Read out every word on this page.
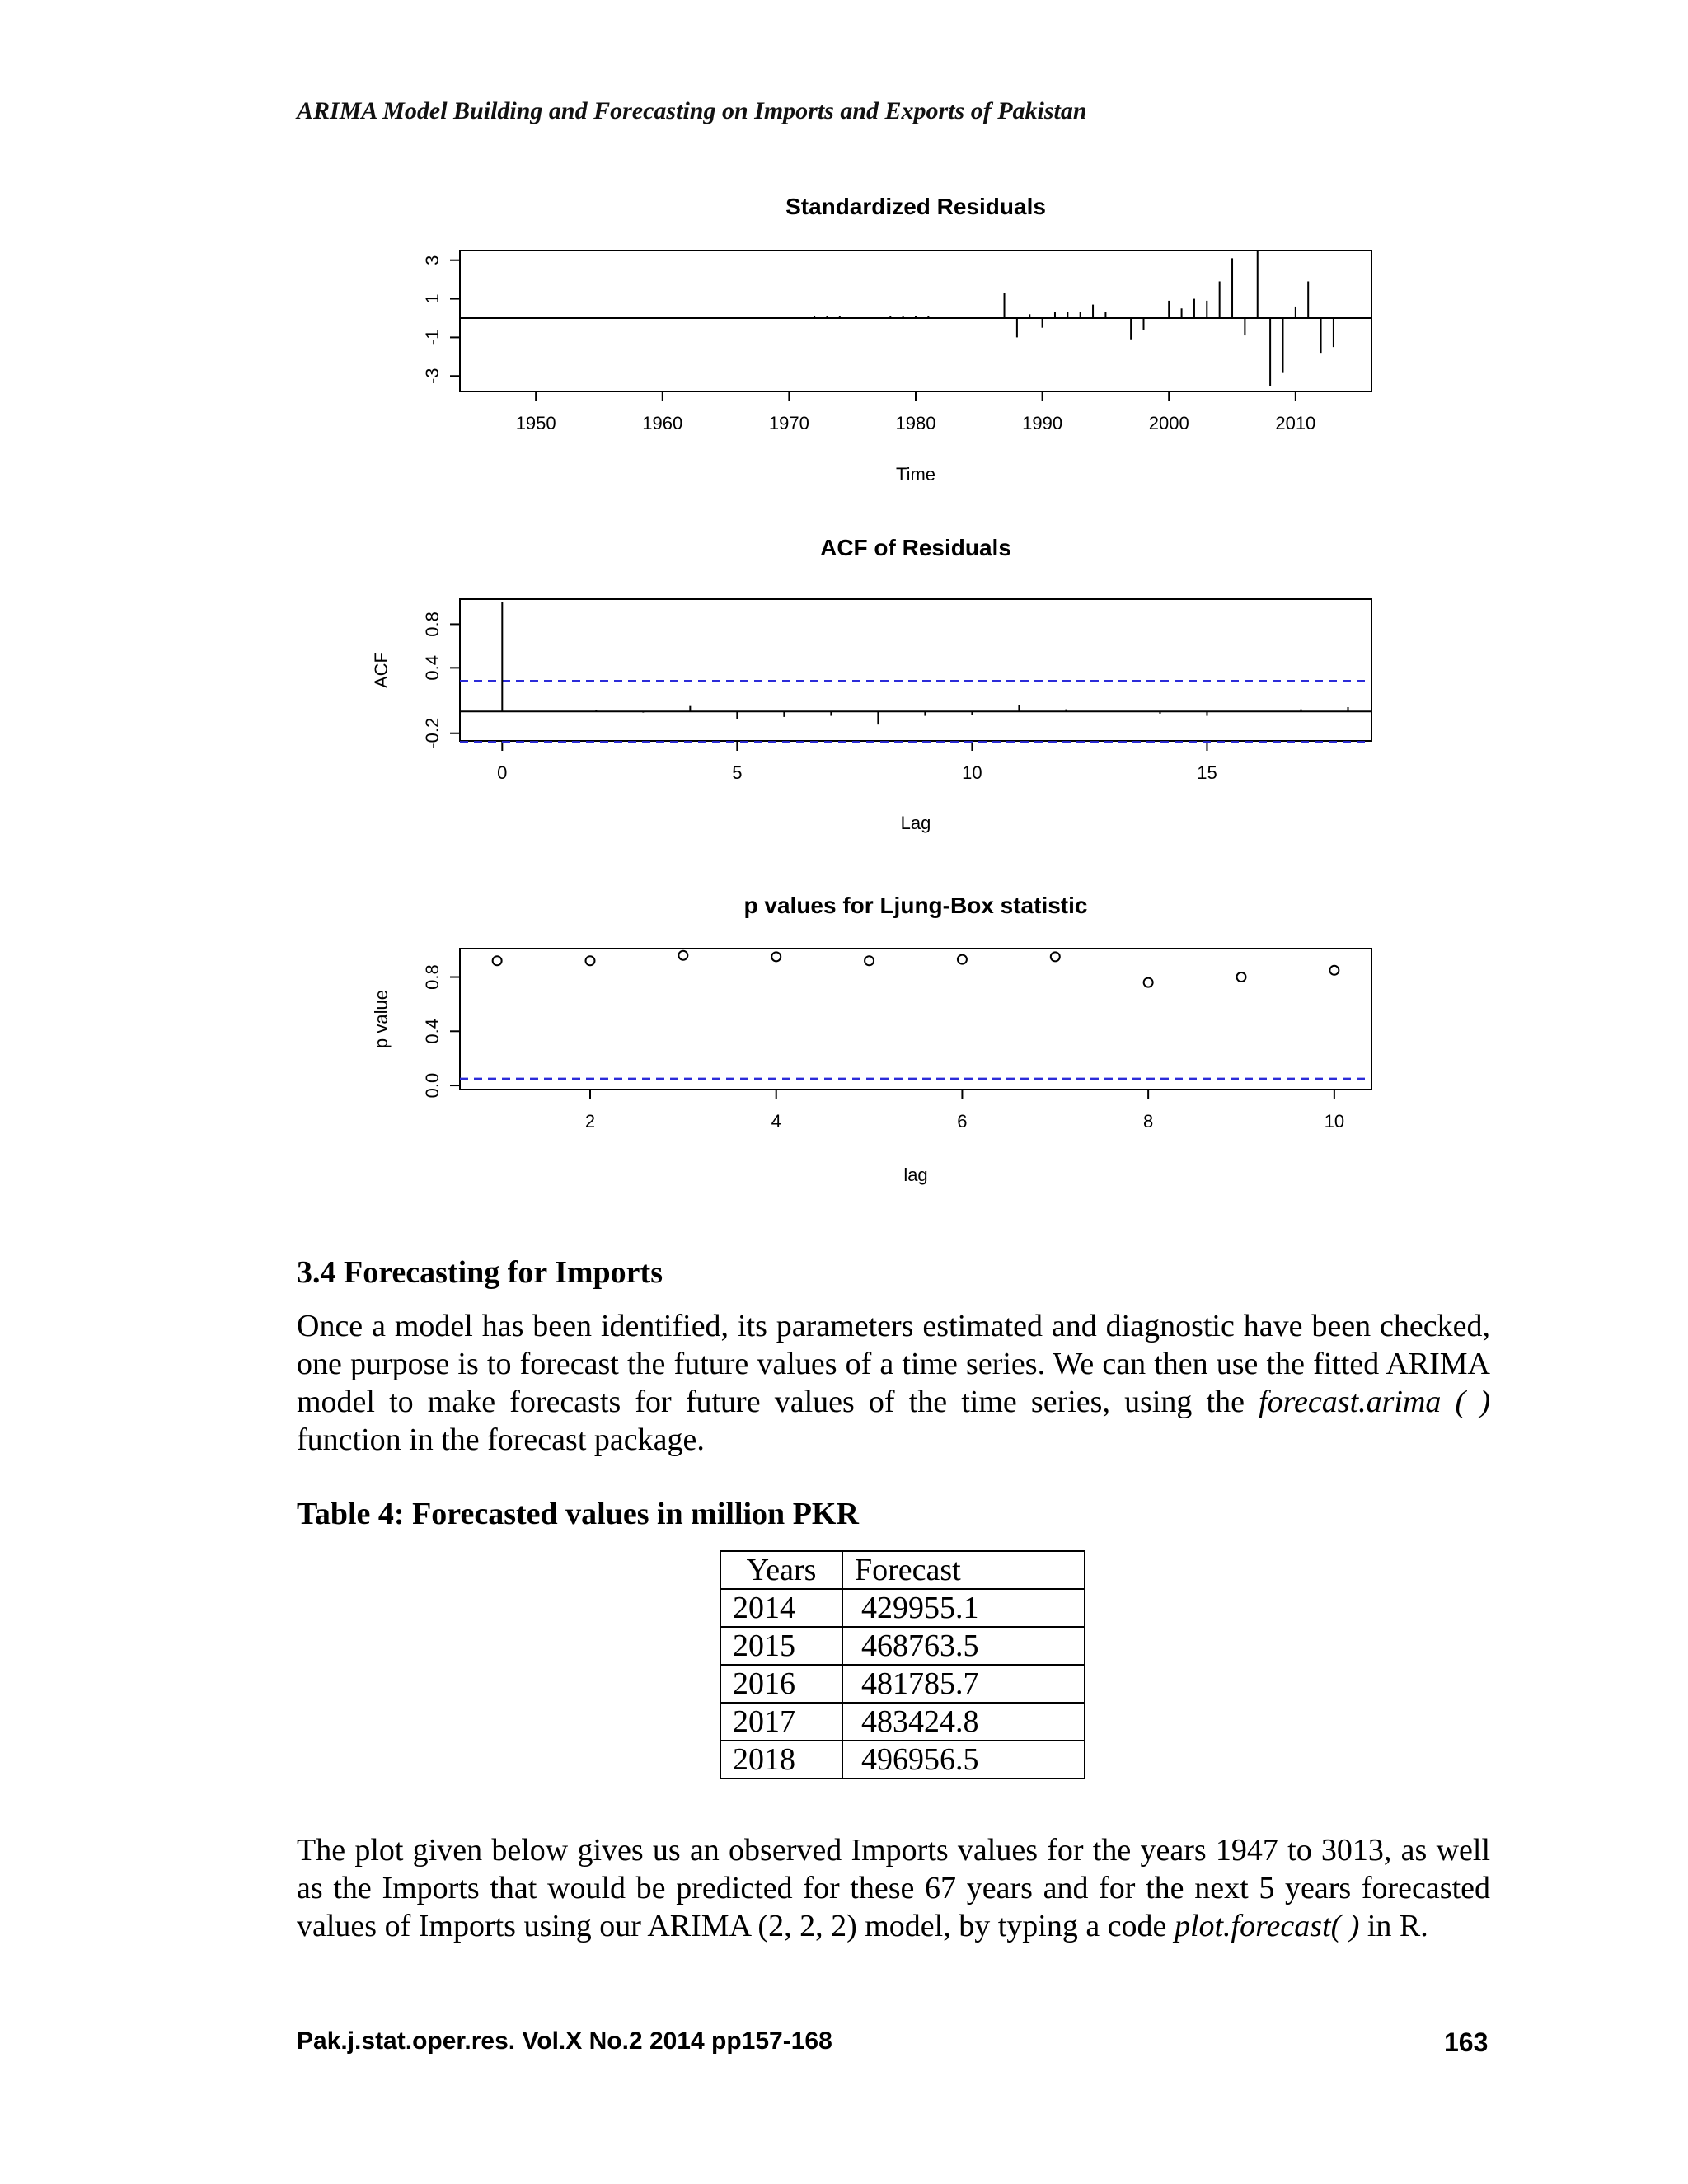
ARIMA Model Building and Forecasting on Imports and Exports of Pakistan
Standardized Residuals
Time
1950	1960	1970	1980	1990	2000	2010
-3
-1
1
3
ACF of Residuals
Lag
ACF
0	5	10	15
-0.2
0.4
0.8
p values for Ljung-Box statistic
lag
p value
2	4	6	8	10
0.0
0.4
0.8
3.4 Forecasting for Imports

Once a model has been identified, its parameters estimated and diagnostic have been checked, one purpose is to forecast the future values of a time series. We can then use the fitted ARIMA model to make forecasts for future values of the time series, using the forecast.arima ( ) function in the forecast package.

Table 4: Forecasted values in million PKR
Years	Forecast
2014	429955.1
2015	468763.5
2016	481785.7
2017	483424.8
2018	496956.5

The plot given below gives us an observed Imports values for the years 1947 to 3013, as well as the Imports that would be predicted for these 67 years and for the next 5 years forecasted values of Imports using our ARIMA (2, 2, 2) model, by typing a code plot.forecast( ) in R.

Pak.j.stat.oper.res. Vol.X No.2 2014 pp157-168	163
